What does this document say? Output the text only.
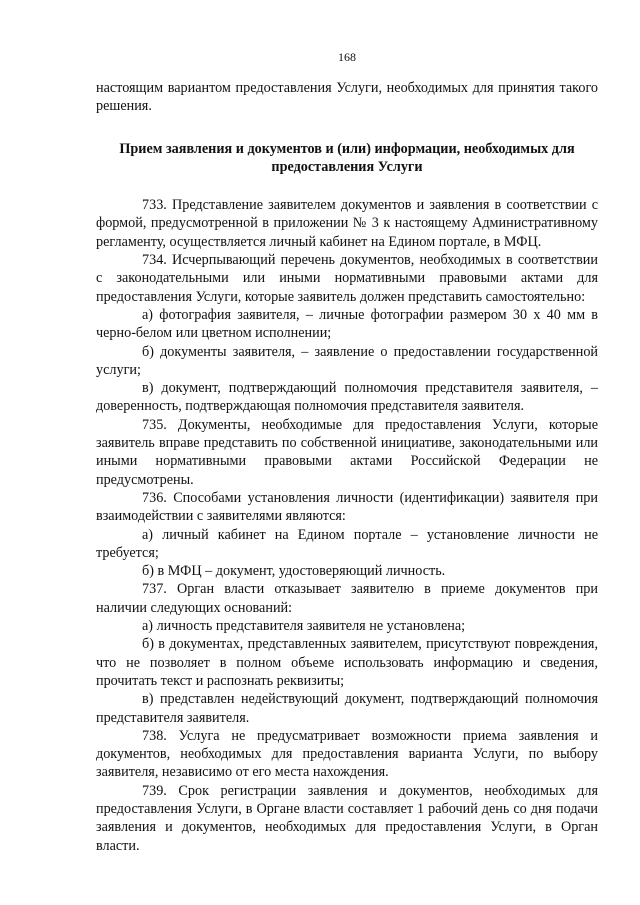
168

настоящим вариантом предоставления Услуги, необходимых для принятия такого решения.

Прием заявления и документов и (или) информации, необходимых для предоставления Услуги

733. Представление заявителем документов и заявления в соответствии с формой, предусмотренной в приложении № 3 к настоящему Административному регламенту, осуществляется личный кабинет на Едином портале, в МФЦ.

734. Исчерпывающий перечень документов, необходимых в соответствии с законодательными или иными нормативными правовыми актами для предоставления Услуги, которые заявитель должен представить самостоятельно:

а) фотография заявителя, – личные фотографии размером 30 х 40 мм в черно-белом или цветном исполнении;

б) документы заявителя, – заявление о предоставлении государственной услуги;

в) документ, подтверждающий полномочия представителя заявителя, – доверенность, подтверждающая полномочия представителя заявителя.

735. Документы, необходимые для предоставления Услуги, которые заявитель вправе представить по собственной инициативе, законодательными или иными нормативными правовыми актами Российской Федерации не предусмотрены.

736. Способами установления личности (идентификации) заявителя при взаимодействии с заявителями являются:

а) личный кабинет на Едином портале – установление личности не требуется;

б) в МФЦ – документ, удостоверяющий личность.

737. Орган власти отказывает заявителю в приеме документов при наличии следующих оснований:

а) личность представителя заявителя не установлена;

б) в документах, представленных заявителем, присутствуют повреждения, что не позволяет в полном объеме использовать информацию и сведения, прочитать текст и распознать реквизиты;

в) представлен недействующий документ, подтверждающий полномочия представителя заявителя.

738. Услуга не предусматривает возможности приема заявления и документов, необходимых для предоставления варианта Услуги, по выбору заявителя, независимо от его места нахождения.

739. Срок регистрации заявления и документов, необходимых для предоставления Услуги, в Органе власти составляет 1 рабочий день со дня подачи заявления и документов, необходимых для предоставления Услуги, в Орган власти.
